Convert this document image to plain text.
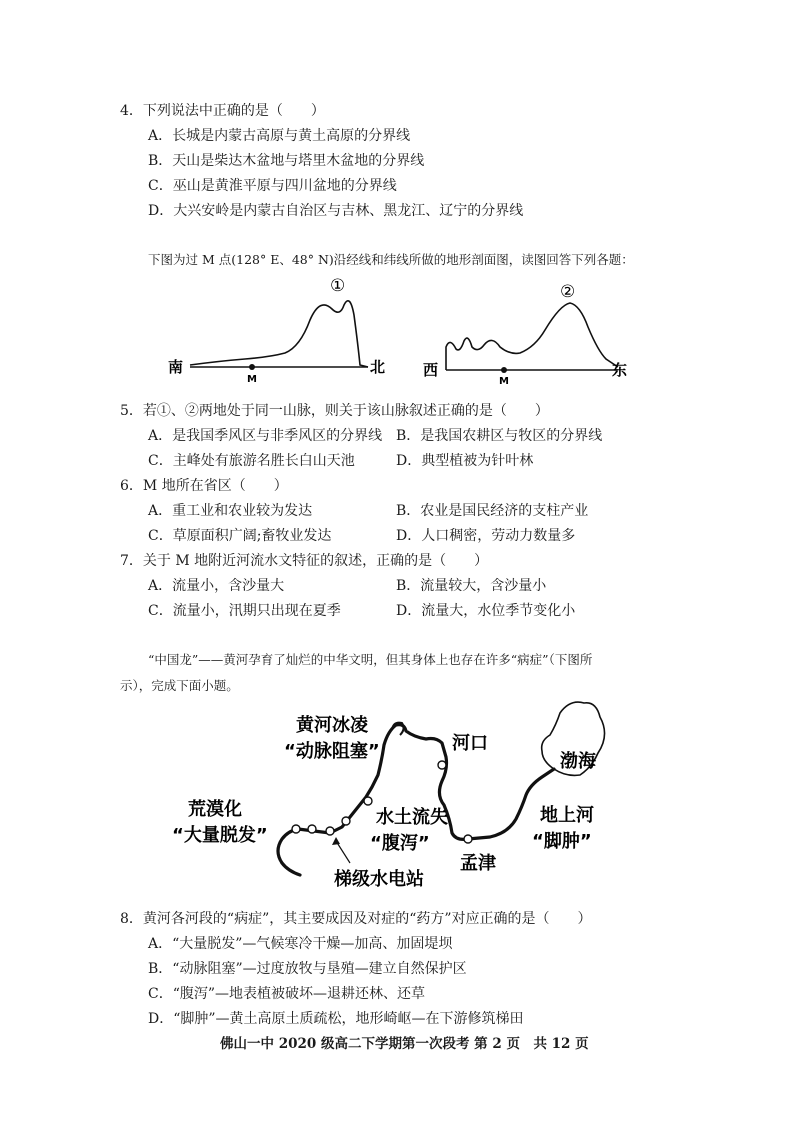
4．下列说法中正确的是（　　）
A．长城是内蒙古高原与黄土高原的分界线
B．天山是柴达木盆地与塔里木盆地的分界线
C．巫山是黄淮平原与四川盆地的分界线
D．大兴安岭是内蒙古自治区与吉林、黑龙江、辽宁的分界线
下图为过 M 点(128° E、48° N)沿经线和纬线所做的地形剖面图，读图回答下列各题：
M
南	北
①
M
西	东
②
5．若①、②两地处于同一山脉，则关于该山脉叙述正确的是（　　）
A．是我国季风区与非季风区的分界线 B．是我国农耕区与牧区的分界线
C．主峰处有旅游名胜长白山天池	D．典型植被为针叶林
6．M 地所在省区（　　）
A．重工业和农业较为发达	B．农业是国民经济的支柱产业
C．草原面积广阔;畜牧业发达	D．人口稠密，劳动力数量多
7．关于 M 地附近河流水文特征的叙述，正确的是（　　）
A．流量小，含沙量大	B．流量较大，含沙量小
C．流量小，汛期只出现在夏季	D．流量大，水位季节变化小
“中国龙”——黄河孕育了灿烂的中华文明，但其身体上也存在许多“病症”（下图所
示），完成下面小题。
荒漠化
“大量脱发”
黄河冰凌
“动脉阻塞”	河口
渤海
水土流失
“腹泻”
梯级水电站
孟津
地上河
“脚肿”
8．黄河各河段的“病症”，其主要成因及对症的“药方”对应正确的是（　　）
A．“大量脱发”—气候寒冷干燥—加高、加固堤坝
B．“动脉阻塞”—过度放牧与垦殖—建立自然保护区
C．“腹泻”—地表植被破坏—退耕还林、还草
D．“脚肿”—黄土高原土质疏松，地形崎岖—在下游修筑梯田
佛山一中 2020 级高二下学期第一次段考 第 2 页　共 12 页
